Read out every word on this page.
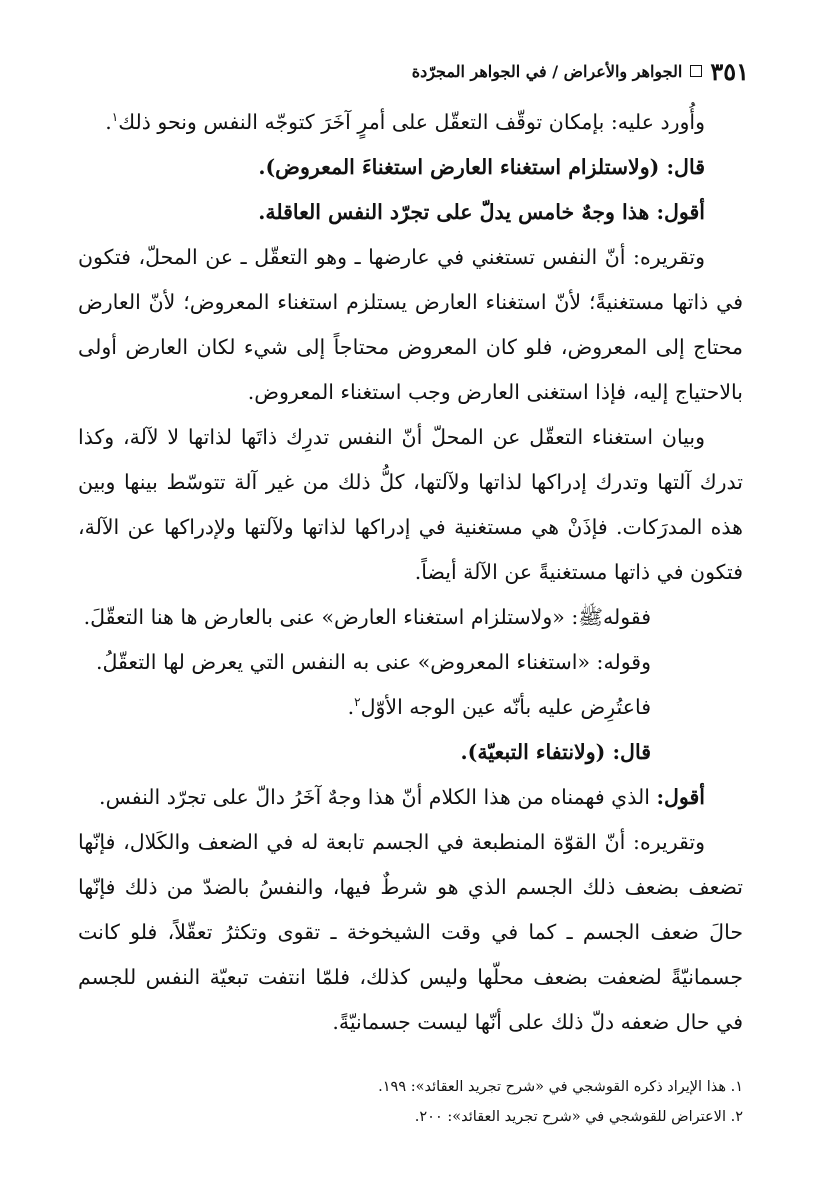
الجواهر والأعراض / في الجواهر المجرّدة ٣٥١

وأُورد عليه: بإمكان توقّف التعقّل على أمرٍ آخَرَ كتوجّه النفس ونحو ذلك$^١$.

قال: (ولاستلزام استغناء العارض استغناءَ المعروض).

أقول: هذا وجهٌ خامس يدلّ على تجرّد النفس العاقلة.

وتقريره: أنّ النفس تستغني في عارضها ـ وهو التعقّل ـ عن المحلّ، فتكون في ذاتها مستغنيةً؛ لأنّ استغناء العارض يستلزم استغناء المعروض؛ لأنّ العارض محتاج إلى المعروض، فلو كان المعروض محتاجاً إلى شيء لكان العارض أولى بالاحتياج إليه، فإذا استغنى العارض وجب استغناء المعروض.

وبيان استغناء التعقّل عن المحلّ أنّ النفس تدرِك ذاتَها لذاتها لا لآلة، وكذا تدرك آلتها وتدرك إدراكها لذاتها ولآلتها، كلُّ ذلك من غير آلة تتوسّط بينها وبين هذه المدرَكات. فإذَنْ هي مستغنية في إدراكها لذاتها ولآلتها ولإدراكها عن الآلة، فتكون في ذاتها مستغنيةً عن الآلة أيضاً.

فقوله‌ﷺ: «ولاستلزام استغناء العارض» عنى بالعارض ها هنا التعقّلَ.

وقوله: «استغناء المعروض» عنى به النفس التي يعرض لها التعقّلُ.

فاعتُرِض عليه بأنّه عين الوجه الأوّل$^٢$.

قال: (ولانتفاء التبعيّة).

أقول: الذي فهمناه من هذا الكلام أنّ هذا وجهٌ آخَرُ دالّ على تجرّد النفس.

وتقريره: أنّ القوّة المنطبعة في الجسم تابعة له في الضعف والكَلال، فإنّها تضعف بضعف ذلك الجسم الذي هو شرطٌ فيها، والنفسُ بالضدّ من ذلك فإنّها حالَ ضعف الجسم ـ كما في وقت الشيخوخة ـ تقوى وتكثرُ تعقّلاً، فلو كانت جسمانيّةً لضعفت بضعف محلّها وليس كذلك، فلمّا انتفت تبعيّة النفس للجسم في حال ضعفه دلّ ذلك على أنّها ليست جسمانيّةً.

١. هذا الإيراد ذكره القوشجي في «شرح تجريد العقائد»: ١٩٩.

٢. الاعتراض للقوشجي في «شرح تجريد العقائد»: ٢٠٠.
